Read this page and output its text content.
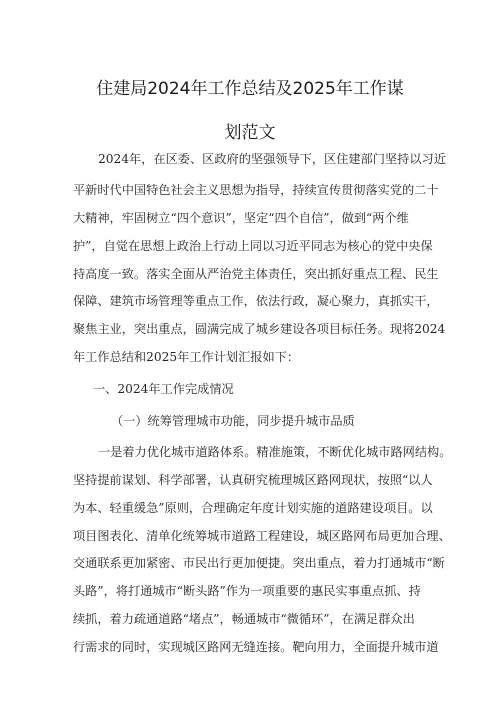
住建局2024年工作总结及2025年工作谋
划范文
2024年，在区委、区政府的坚强领导下，区住建部门坚持以习近
平新时代中国特色社会主义思想为指导，持续宣传贯彻落实党的二十
大精神，牢固树立“四个意识”，坚定“四个自信”，做到“两个维
护”，自觉在思想上政治上行动上同以习近平同志为核心的党中央保
持高度一致。落实全面从严治党主体责任，突出抓好重点工程、民生
保障、建筑市场管理等重点工作，依法行政，凝心聚力，真抓实干，
聚焦主业，突出重点，圆满完成了城乡建设各项目标任务。现将2024
年工作总结和2025年工作计划汇报如下：
一、2024年工作完成情况
（一）统筹管理城市功能，同步提升城市品质
一是着力优化城市道路体系。精准施策，不断优化城市路网结构。
坚持提前谋划、科学部署，认真研究梳理城区路网现状，按照“以人
为本、轻重缓急”原则，合理确定年度计划实施的道路建设项目。以
项目图表化、清单化统筹城市道路工程建设，城区路网布局更加合理、
交通联系更加紧密、市民出行更加便捷。突出重点，着力打通城市“断
头路”，将打通城市“断头路”作为一项重要的惠民实事重点抓、持
续抓，着力疏通道路“堵点”，畅通城市“微循环”，在满足群众出
行需求的同时，实现城区路网无缝连接。靶向用力，全面提升城市道
